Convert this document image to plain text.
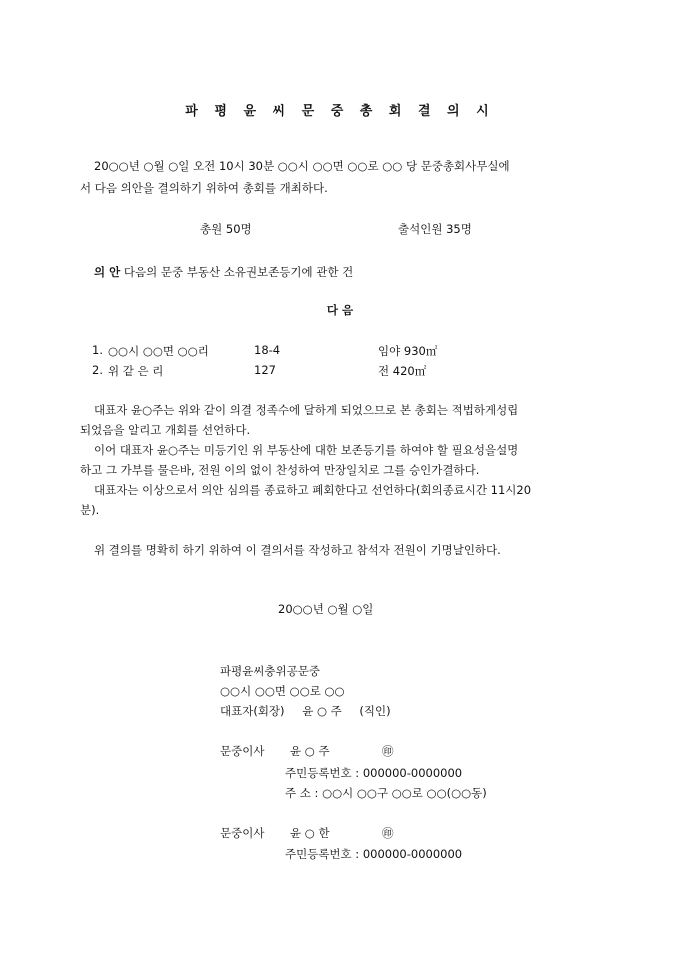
파 평 윤 씨 문 중 총 회 결 의 시
20○○년 ○월 ○일 오전 10시 30분 ○○시 ○○면 ○○로 ○○ 당 문중총회사무실에
서 다음 의안을 결의하기 위하여 총회를 개최하다.
총원 50명	출석인원 35명
의 안 다음의 문중 부동산 소유권보존등기에 관한 건
다 음
1. ○○시 ○○면 ○○리	18-4	임야 930㎡
2. 위 같 은 리	127	전 420㎡
대표자 윤○주는 위와 같이 의결 정족수에 달하게 되었으므로 본 총회는 적법하게성립
되었음을 알리고 개회를 선언하다.
이어 대표자 윤○주는 미등기인 위 부동산에 대한 보존등기를 하여야 할 필요성을설명
하고 그 가부를 물은바, 전원 이의 없이 찬성하여 만장일치로 그를 승인가결하다.
대표자는 이상으로서 의안 심의를 종료하고 폐회한다고 선언하다(회의종료시간 11시20
분).
위 결의를 명확히 하기 위하여 이 결의서를 작성하고 참석자 전원이 기명날인하다.
20○○년 ○월 ○일
파평윤씨충위공문중
○○시 ○○면 ○○로 ○○
대표자(회장) 윤 ○ 주 (직인)
문중이사 윤 ○ 주	㊞
주민등록번호 : 000000-0000000
주 소 : ○○시 ○○구 ○○로 ○○(○○동)
문중이사 윤 ○ 한	㊞
주민등록번호 : 000000-0000000
